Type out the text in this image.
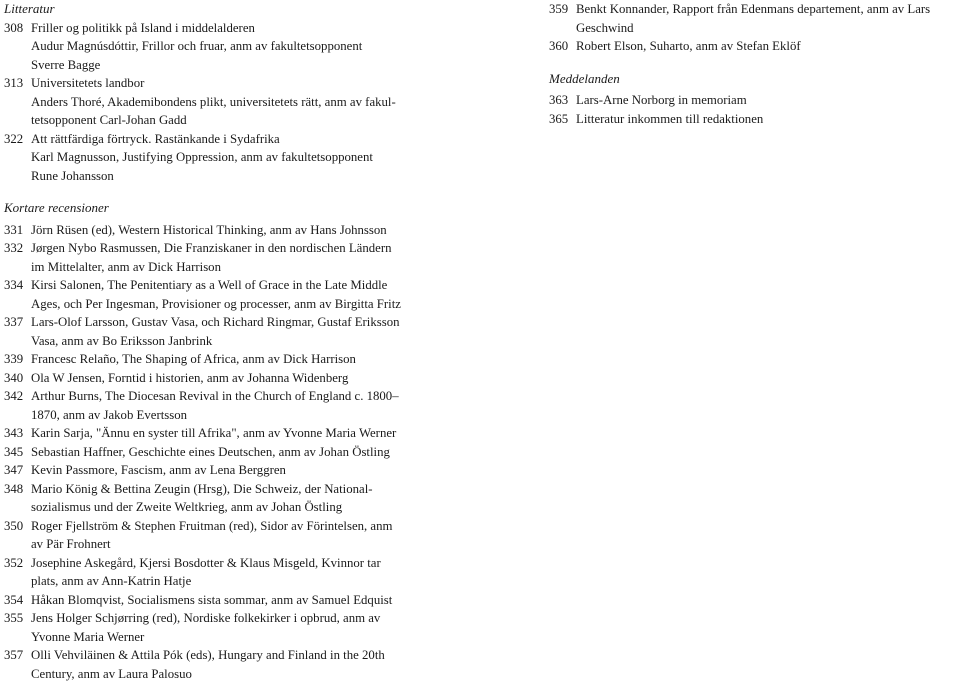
Litteratur
308 Friller og politikk på Island i middelalderen
Audur Magnúsdóttir, Frillor och fruar, anm av fakultetsopponent
Sverre Bagge
313 Universitetets landbor
Anders Thoré, Akademibondens plikt, universitetets rätt, anm av fakul-
tetsopponent Carl-Johan Gadd
322 Att rättfärdiga förtryck. Rastänkande i Sydafrika
Karl Magnusson, Justifying Oppression, anm av fakultetsopponent
Rune Johansson
359 Benkt Konnander, Rapport från Edenmans departement, anm av Lars
Geschwind
360 Robert Elson, Suharto, anm av Stefan Eklöf
Meddelanden
363 Lars-Arne Norborg in memoriam
365 Litteratur inkommen till redaktionen
Kortare recensioner
331 Jörn Rüsen (ed), Western Historical Thinking, anm av Hans Johnsson
332 Jørgen Nybo Rasmussen, Die Franziskaner in den nordischen Ländern
im Mittelalter, anm av Dick Harrison
334 Kirsi Salonen, The Penitentiary as a Well of Grace in the Late Middle
Ages, och Per Ingesman, Provisioner og processer, anm av Birgitta Fritz
337 Lars-Olof Larsson, Gustav Vasa, och Richard Ringmar, Gustaf Eriksson
Vasa, anm av Bo Eriksson Janbrink
339 Francesc Relaño, The Shaping of Africa, anm av Dick Harrison
340 Ola W Jensen, Forntid i historien, anm av Johanna Widenberg
342 Arthur Burns, The Diocesan Revival in the Church of England c. 1800–
1870, anm av Jakob Evertsson
343 Karin Sarja, "Ännu en syster till Afrika", anm av Yvonne Maria Werner
345 Sebastian Haffner, Geschichte eines Deutschen, anm av Johan Östling
347 Kevin Passmore, Fascism, anm av Lena Berggren
348 Mario König & Bettina Zeugin (Hrsg), Die Schweiz, der National-
sozialismus und der Zweite Weltkrieg, anm av Johan Östling
350 Roger Fjellström & Stephen Fruitman (red), Sidor av Förintelsen, anm
av Pär Frohnert
352 Josephine Askegård, Kjersi Bosdotter & Klaus Misgeld, Kvinnor tar
plats, anm av Ann-Katrin Hatje
354 Håkan Blomqvist, Socialismens sista sommar, anm av Samuel Edquist
355 Jens Holger Schjørring (red), Nordiske folkekirker i opbrud, anm av
Yvonne Maria Werner
357 Olli Vehviläinen & Attila Pók (eds), Hungary and Finland in the 20th
Century, anm av Laura Palosuo
